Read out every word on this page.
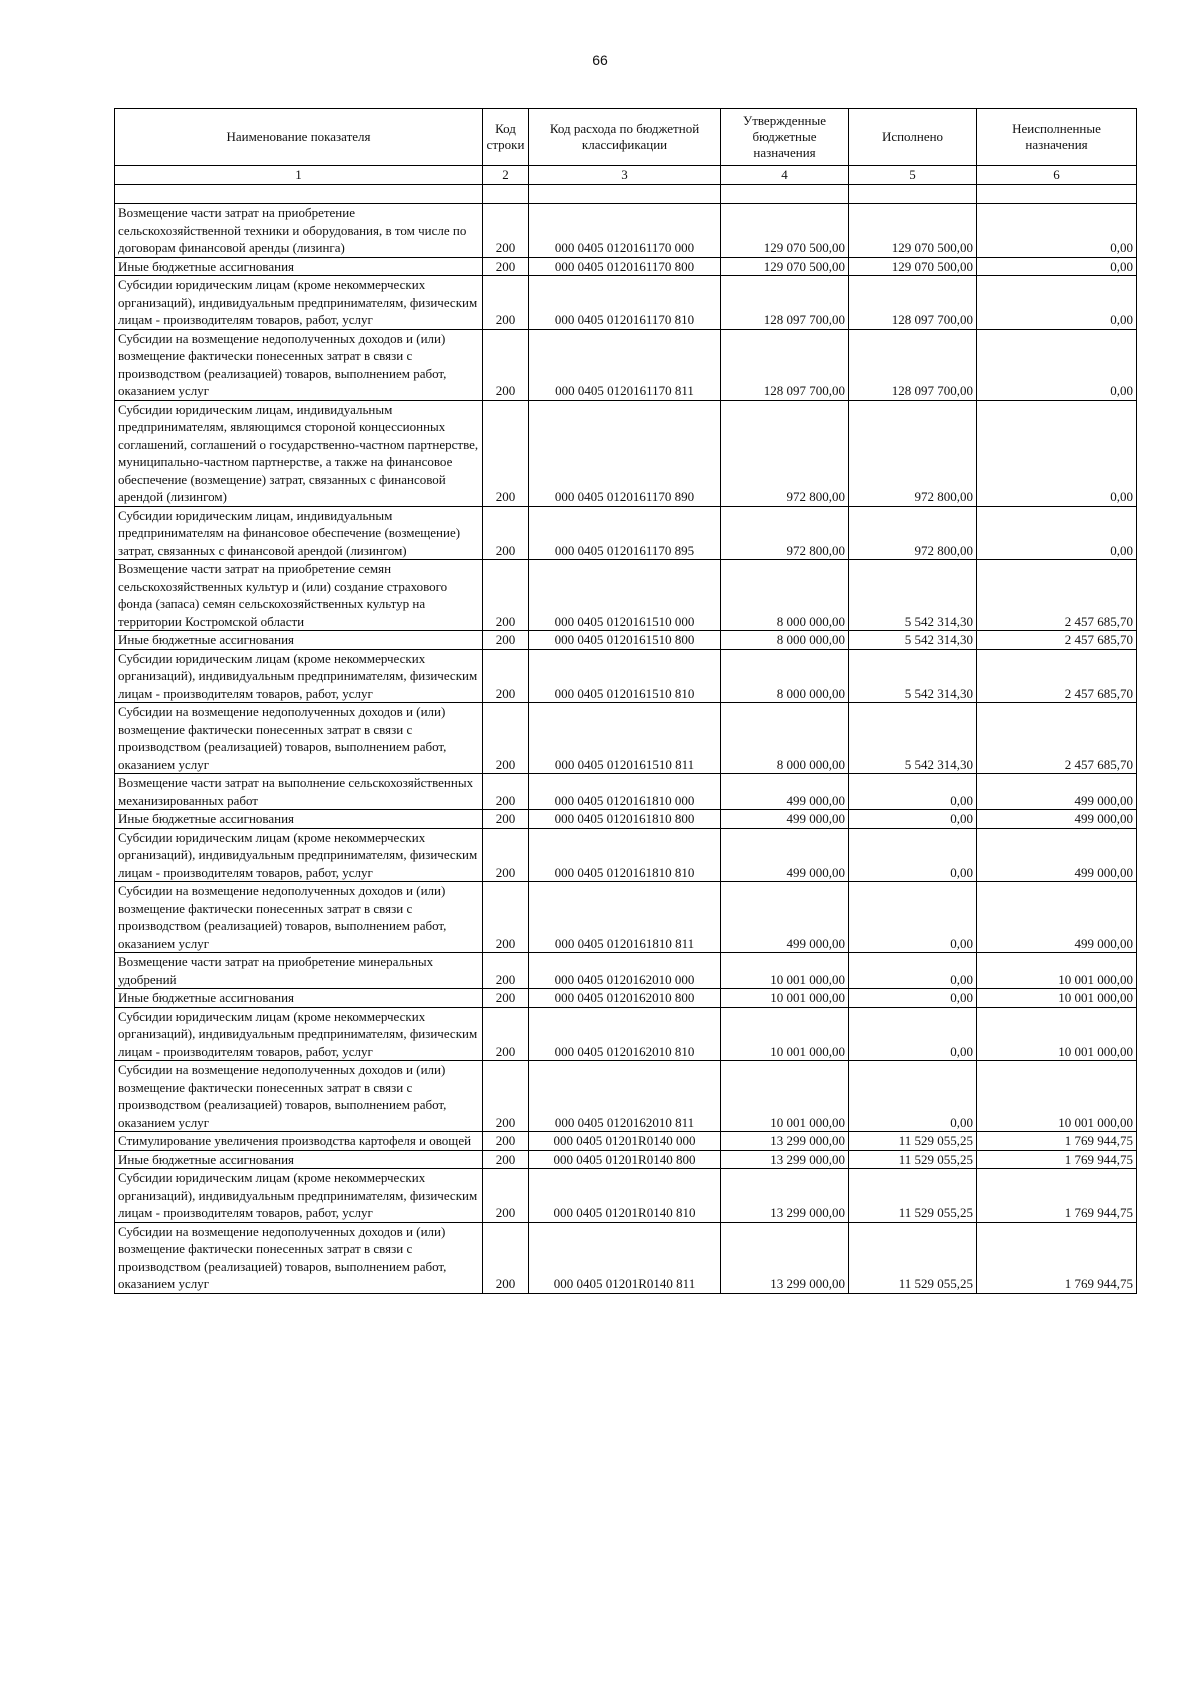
66
Наименование показателя	Код строки	Код расхода по бюджетной классификации	Утвержденные бюджетные назначения	Исполнено	Неисполненные назначения
1	2	3	4	5	6

Возмещение части затрат на приобретение сельскохозяйственной техники и оборудования, в том числе по договорам финансовой аренды (лизинга)	200	000 0405 0120161170 000	129 070 500,00	129 070 500,00	0,00
Иные бюджетные ассигнования	200	000 0405 0120161170 800	129 070 500,00	129 070 500,00	0,00
Субсидии юридическим лицам (кроме некоммерческих организаций), индивидуальным предпринимателям, физическим лицам - производителям товаров, работ, услуг	200	000 0405 0120161170 810	128 097 700,00	128 097 700,00	0,00
Субсидии на возмещение недополученных доходов и (или) возмещение фактически понесенных затрат в связи с производством (реализацией) товаров, выполнением работ, оказанием услуг	200	000 0405 0120161170 811	128 097 700,00	128 097 700,00	0,00
Субсидии юридическим лицам, индивидуальным предпринимателям, являющимся стороной концессионных соглашений, соглашений о государственно-частном партнерстве, муниципально-частном партнерстве, а также на финансовое обеспечение (возмещение) затрат, связанных с финансовой арендой (лизингом)	200	000 0405 0120161170 890	972 800,00	972 800,00	0,00
Субсидии юридическим лицам, индивидуальным предпринимателям на финансовое обеспечение (возмещение) затрат, связанных с финансовой арендой (лизингом)	200	000 0405 0120161170 895	972 800,00	972 800,00	0,00
Возмещение части затрат на приобретение семян сельскохозяйственных культур и (или) создание страхового фонда (запаса) семян сельскохозяйственных культур на территории Костромской области	200	000 0405 0120161510 000	8 000 000,00	5 542 314,30	2 457 685,70
Иные бюджетные ассигнования	200	000 0405 0120161510 800	8 000 000,00	5 542 314,30	2 457 685,70
Субсидии юридическим лицам (кроме некоммерческих организаций), индивидуальным предпринимателям, физическим лицам - производителям товаров, работ, услуг	200	000 0405 0120161510 810	8 000 000,00	5 542 314,30	2 457 685,70
Субсидии на возмещение недополученных доходов и (или) возмещение фактически понесенных затрат в связи с производством (реализацией) товаров, выполнением работ, оказанием услуг	200	000 0405 0120161510 811	8 000 000,00	5 542 314,30	2 457 685,70
Возмещение части затрат на выполнение сельскохозяйственных механизированных работ	200	000 0405 0120161810 000	499 000,00	0,00	499 000,00
Иные бюджетные ассигнования	200	000 0405 0120161810 800	499 000,00	0,00	499 000,00
Субсидии юридическим лицам (кроме некоммерческих организаций), индивидуальным предпринимателям, физическим лицам - производителям товаров, работ, услуг	200	000 0405 0120161810 810	499 000,00	0,00	499 000,00
Субсидии на возмещение недополученных доходов и (или) возмещение фактически понесенных затрат в связи с производством (реализацией) товаров, выполнением работ, оказанием услуг	200	000 0405 0120161810 811	499 000,00	0,00	499 000,00
Возмещение части затрат на приобретение минеральных удобрений	200	000 0405 0120162010 000	10 001 000,00	0,00	10 001 000,00
Иные бюджетные ассигнования	200	000 0405 0120162010 800	10 001 000,00	0,00	10 001 000,00
Субсидии юридическим лицам (кроме некоммерческих организаций), индивидуальным предпринимателям, физическим лицам - производителям товаров, работ, услуг	200	000 0405 0120162010 810	10 001 000,00	0,00	10 001 000,00
Субсидии на возмещение недополученных доходов и (или) возмещение фактически понесенных затрат в связи с производством (реализацией) товаров, выполнением работ, оказанием услуг	200	000 0405 0120162010 811	10 001 000,00	0,00	10 001 000,00
Стимулирование увеличения производства картофеля и овощей	200	000 0405 01201R0140 000	13 299 000,00	11 529 055,25	1 769 944,75
Иные бюджетные ассигнования	200	000 0405 01201R0140 800	13 299 000,00	11 529 055,25	1 769 944,75
Субсидии юридическим лицам (кроме некоммерческих организаций), индивидуальным предпринимателям, физическим лицам - производителям товаров, работ, услуг	200	000 0405 01201R0140 810	13 299 000,00	11 529 055,25	1 769 944,75
Субсидии на возмещение недополученных доходов и (или) возмещение фактически понесенных затрат в связи с производством (реализацией) товаров, выполнением работ, оказанием услуг	200	000 0405 01201R0140 811	13 299 000,00	11 529 055,25	1 769 944,75
